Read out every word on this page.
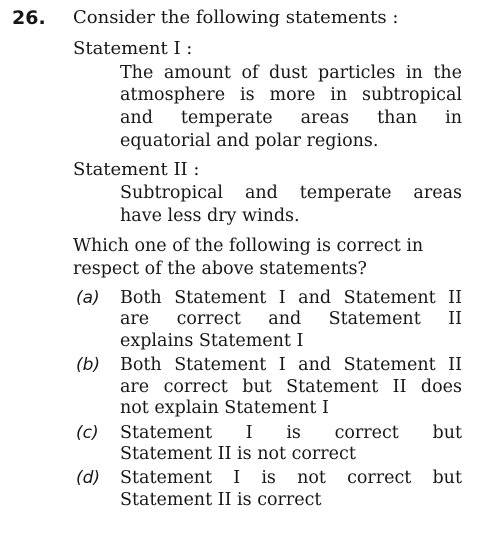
26. Consider the following statements :
Statement I :
The amount of dust particles in the
atmosphere is more in subtropical
and temperate areas than in
equatorial and polar regions.
Statement II :
Subtropical and temperate areas
have less dry winds.
Which one of the following is correct in
respect of the above statements?
(a) Both Statement I and Statement II
are correct and Statement II
explains Statement I
(b) Both Statement I and Statement II
are correct but Statement II does
not explain Statement I
(c) Statement I is correct but
Statement II is not correct
(d) Statement I is not correct but
Statement II is correct
